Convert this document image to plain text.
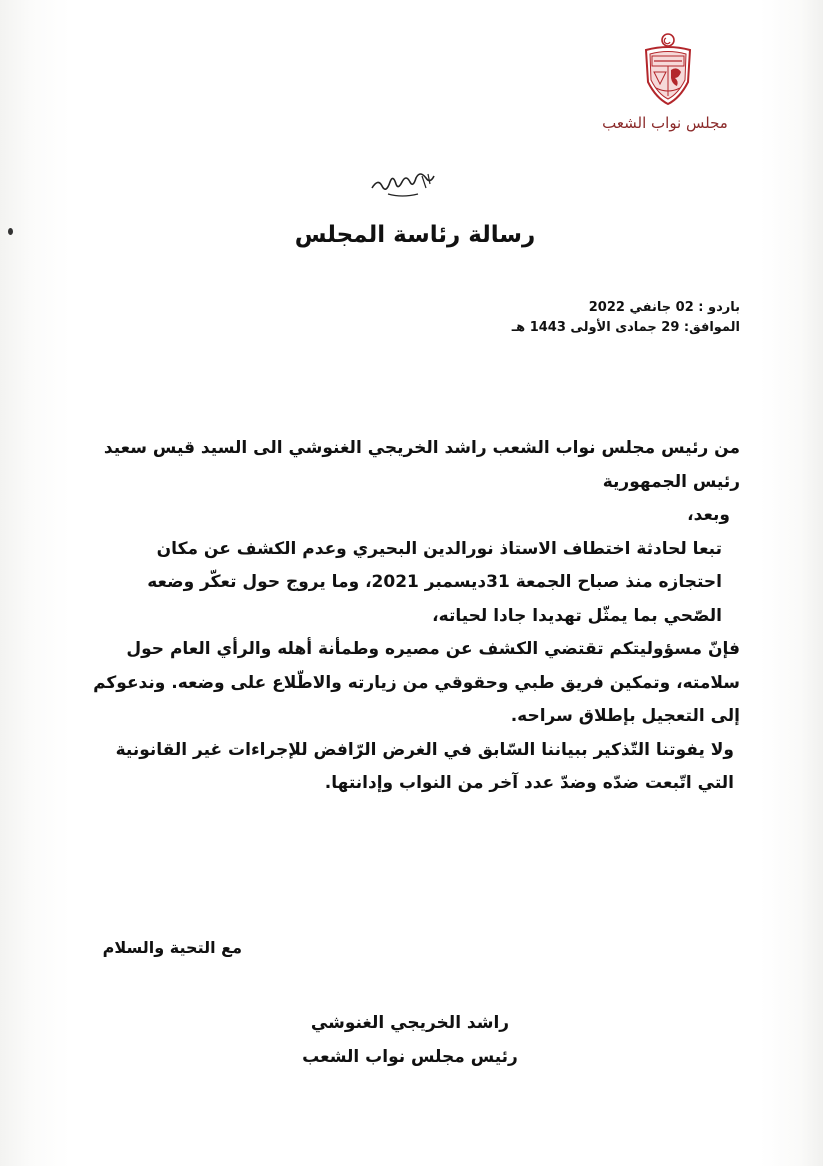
مجلس نواب الشعب
رسالة رئاسة المجلس
باردو : 02 جانفي 2022
الموافق: 29 جمادى الأولى 1443 هـ

من رئيس مجلس نواب الشعب راشد الخريجي الغنوشي الى السيد قيس سعيد

رئيس الجمهورية

وبعد،

تبعا لحادثة اختطاف الاستاذ نورالدين البحيري وعدم الكشف عن مكان احتجازه منذ صباح الجمعة 31ديسمبر 2021، وما يروج حول تعكّر وضعه الصّحي بما يمثّل تهديدا جادا لحياته،

فإنّ مسؤوليتكم تقتضي الكشف عن مصيره وطمأنة أهله والرأي العام حول سلامته، وتمكين فريق طبي وحقوقي من زيارته والاطّلاع على وضعه. وندعوكم إلى التعجيل بإطلاق سراحه.

ولا يفوتنا التّذكير ببياننا السّابق في الغرض الرّافض للإجراءات غير القانونية التي اتّبعت ضدّه وضدّ عدد آخر من النواب وإدانتها.

مع التحية والسلام
راشد الخريجي الغنوشي
رئيس مجلس نواب الشعب
